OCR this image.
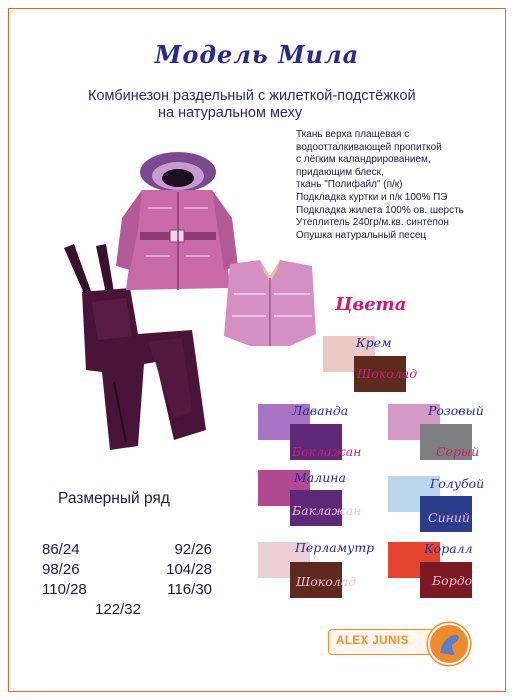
Модель Мила
Комбинезон раздельный с жилеткой-подстёжкой
на натуральном меху
Ткань верха плащевая с
водоотталкивающей пропиткой
с лёгким каландрированием,
придающим блеск,
ткань "Полифайл" (п/к)
Подкладка куртки и п/к 100% ПЭ
Подкладка жилета 100% ов. шерсть
Утеплитель 240гр/м.кв. синтепон
Опушка натуральный песец
Цвета
Крем
Шоколад
Лаванда
Баклажан
Розовый
Серый
Малина
Баклажан
Голубой
Синий
Перламутр
Шоколад
Коралл
Бордо
Размерный ряд
86/24	92/26
98/26	104/28
110/28	116/30
122/32
ALEX JUNIS
